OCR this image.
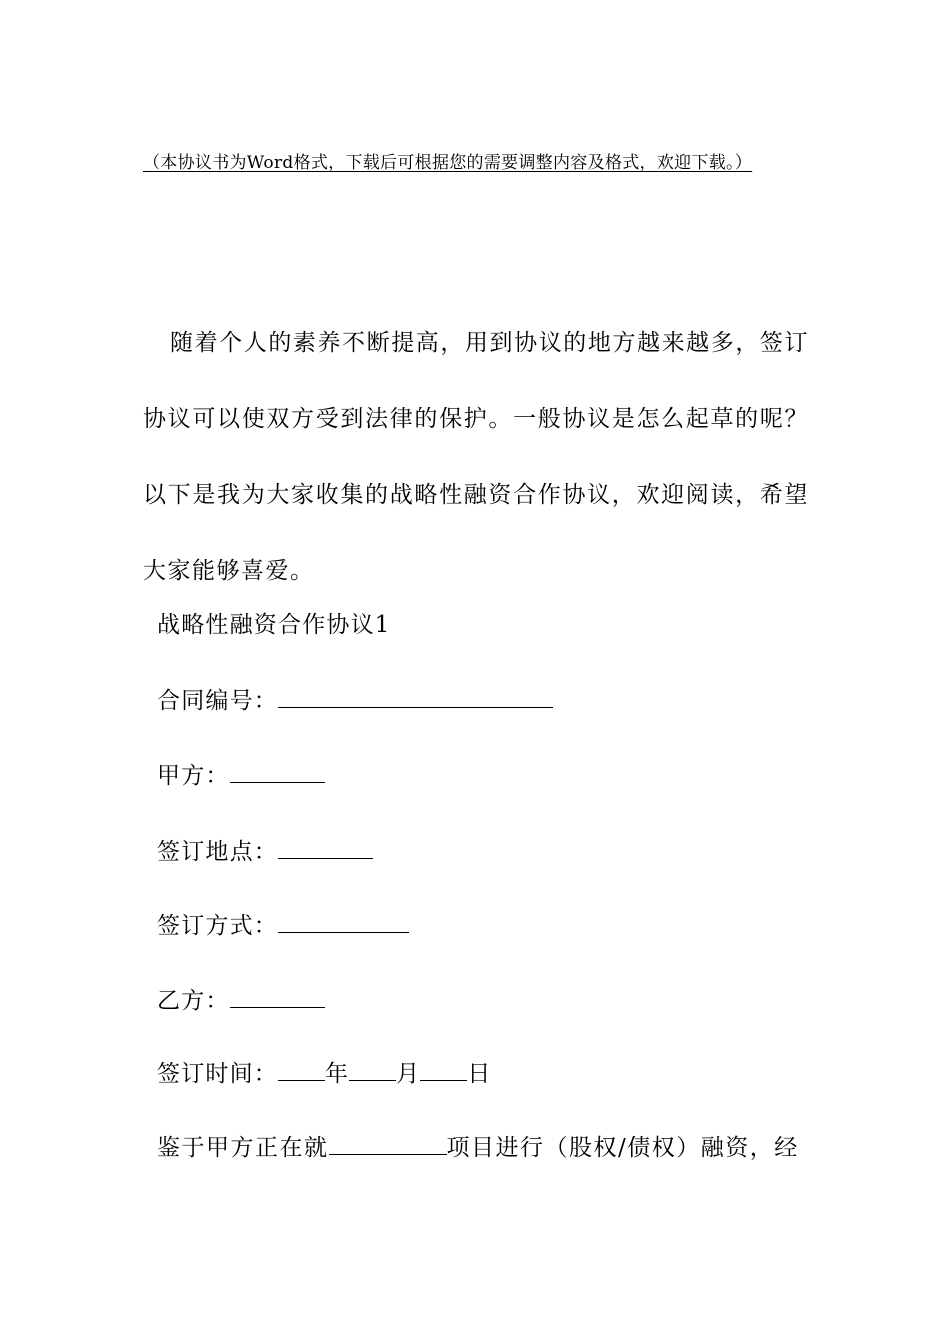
（本协议书为Word格式，下载后可根据您的需要调整内容及格式，欢迎下载。）

随着个人的素养不断提高，用到协议的地方越来越多，签订协议可以使双方受到法律的保护。一般协议是怎么起草的呢？以下是我为大家收集的战略性融资合作协议，欢迎阅读，希望大家能够喜爱。

战略性融资合作协议1
合同编号：
甲方：
签订地点：
签订方式：
乙方：
签订时间： 年 月 日
鉴于甲方正在就	项目进行（股权/债权）融资，经
